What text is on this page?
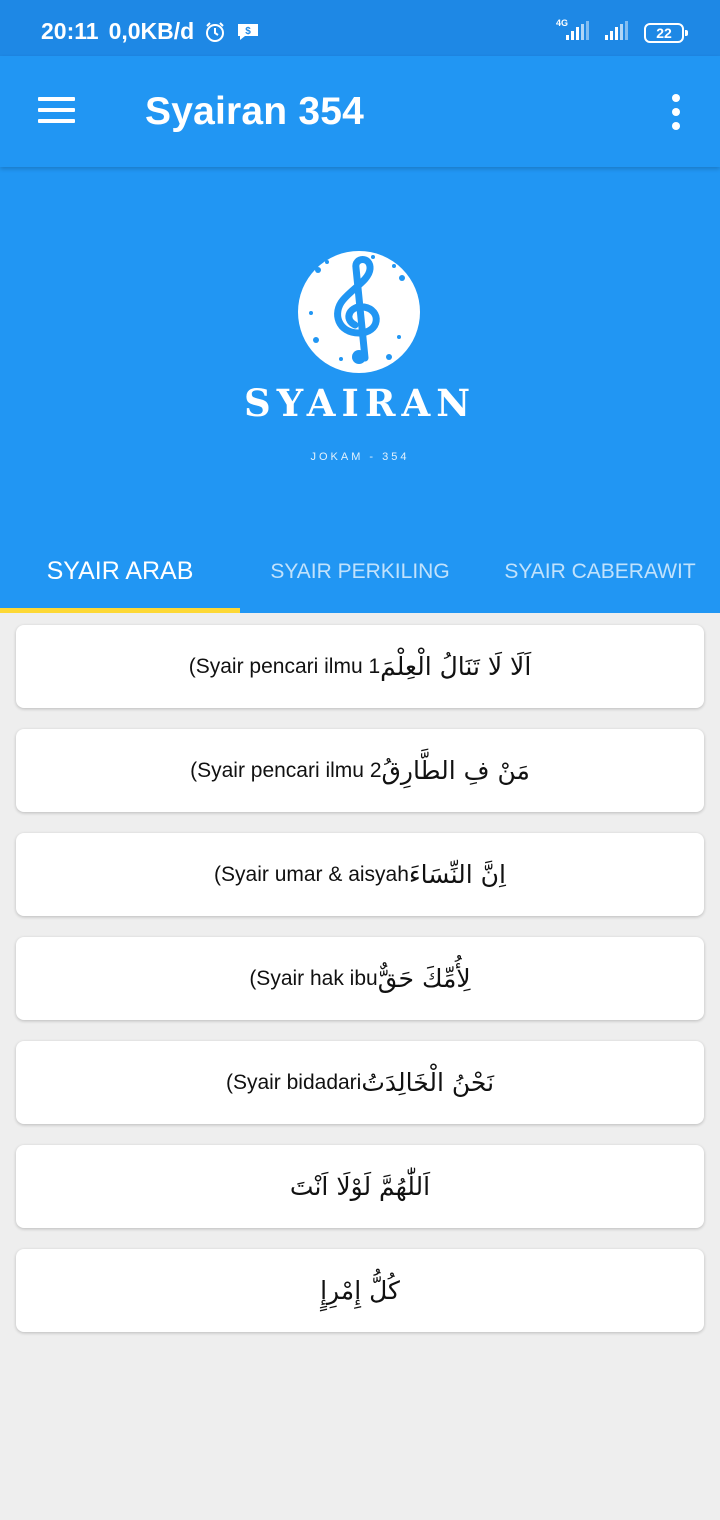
20:11 0,0KB/d	$
4G
22
Syairan 354
SYAIRAN
JOKAM - 354
SYAIR ARAB	SYAIR PERKILING	SYAIR CABERAWIT
(Syair pencari ilmu 1 اَلَا لَا تَنَالُ الْعِلْمَ
(Syair pencari ilmu 2 مَنْ فِ الطَّارِقُ
(Syair umar & aisyah اِنَّ النِّسَاءَ
(Syair hak ibu لِأُمِّكَ حَقٌّ
(Syair bidadari نَحْنُ الْخَالِدَتُ
اَللّٰهُمَّ لَوْلَا اَنْتَ
كُلُّ إِمْرِإٍ
